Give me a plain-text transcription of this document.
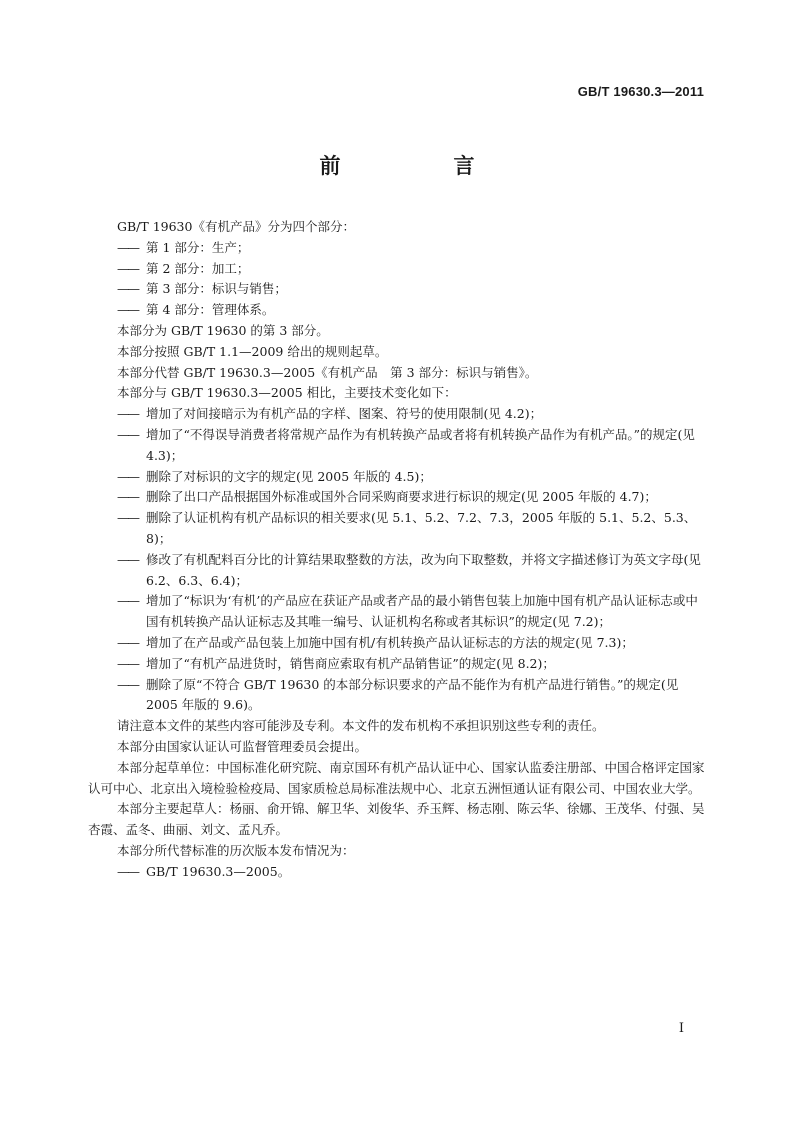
GB/T 19630.3—2011
前　言

GB/T 19630《有机产品》分为四个部分：

—— 第 1 部分：生产；

—— 第 2 部分：加工；

—— 第 3 部分：标识与销售；

—— 第 4 部分：管理体系。

本部分为 GB/T 19630 的第 3 部分。

本部分按照 GB/T 1.1—2009 给出的规则起草。

本部分代替 GB/T 19630.3—2005《有机产品　第 3 部分：标识与销售》。

本部分与 GB/T 19630.3—2005 相比，主要技术变化如下：

—— 增加了对间接暗示为有机产品的字样、图案、符号的使用限制(见 4.2)；

—— 增加了“不得误导消费者将常规产品作为有机转换产品或者将有机转换产品作为有机产品。”的规定(见 4.3)；

—— 删除了对标识的文字的规定(见 2005 年版的 4.5)；

—— 删除了出口产品根据国外标准或国外合同采购商要求进行标识的规定(见 2005 年版的 4.7)；

—— 删除了认证机构有机产品标识的相关要求(见 5.1、5.2、7.2、7.3，2005 年版的 5.1、5.2、5.3、8)；

—— 修改了有机配料百分比的计算结果取整数的方法，改为向下取整数，并将文字描述修订为英文字母(见 6.2、6.3、6.4)；

—— 增加了“标识为‘有机’的产品应在获证产品或者产品的最小销售包装上加施中国有机产品认证标志或中国有机转换产品认证标志及其唯一编号、认证机构名称或者其标识”的规定(见 7.2)；

—— 增加了在产品或产品包装上加施中国有机/有机转换产品认证标志的方法的规定(见 7.3)；

—— 增加了“有机产品进货时，销售商应索取有机产品销售证”的规定(见 8.2)；

—— 删除了原“不符合 GB/T 19630 的本部分标识要求的产品不能作为有机产品进行销售。”的规定(见 2005 年版的 9.6)。

请注意本文件的某些内容可能涉及专利。本文件的发布机构不承担识别这些专利的责任。

本部分由国家认证认可监督管理委员会提出。

本部分起草单位：中国标准化研究院、南京国环有机产品认证中心、国家认监委注册部、中国合格评定国家认可中心、北京出入境检验检疫局、国家质检总局标准法规中心、北京五洲恒通认证有限公司、中国农业大学。

本部分主要起草人：杨丽、俞开锦、解卫华、刘俊华、乔玉辉、杨志刚、陈云华、徐娜、王茂华、付强、吴杏霞、孟冬、曲丽、刘文、孟凡乔。

本部分所代替标准的历次版本发布情况为：

—— GB/T 19630.3—2005。

I
